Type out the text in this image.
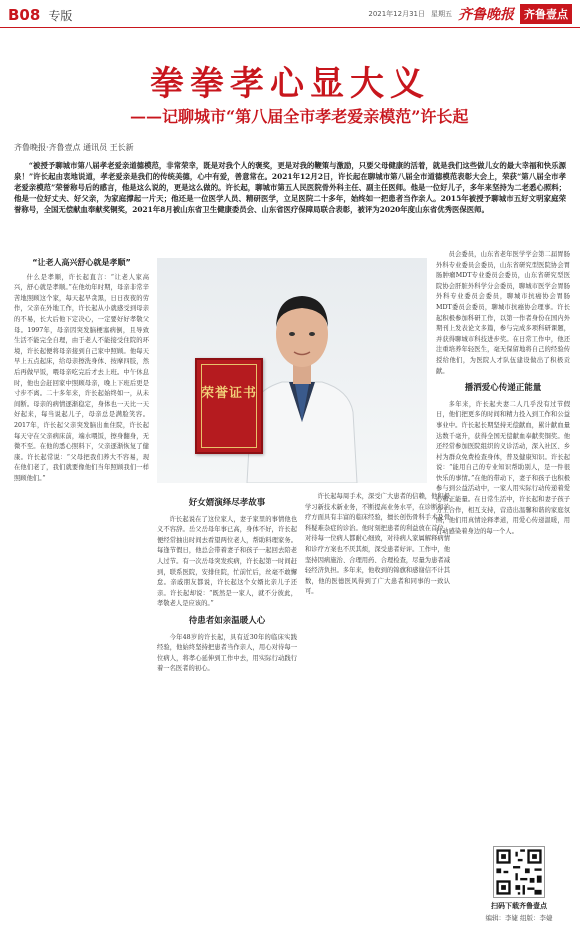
B08 专版	2021年12月31日 星期五 齐鲁晚报 齐鲁壹点
拳拳孝心显大义
——记聊城市“第八届全市孝老爱亲模范”许长起
齐鲁晚报·齐鲁壹点 通讯员 王长新
“被授予聊城市第八届孝老爱亲道德模范，非常荣幸，既是对我个人的褒奖，更是对我的鞭策与激励，只要父母健康的活着，就是我们这些做儿女的最大幸福和快乐源泉！”许长起由衷地说道，孝老爱亲是我们的传统美德，心中有爱，善意常在。2021年12月2日，许长起在聊城市第八届全市道德模范表彰大会上，荣获“第八届全市孝老爱亲模范”荣誉称号后的感言，他是这么说的，更是这么做的。许长起，聊城市第五人民医院骨外科主任、副主任医师。他是一位好儿子，多年来坚持为二老悉心照料；他是一位好丈夫、好父亲，为家庭撑起一片天；他还是一位医学人员、精研医学，立足医院二十多年，始终如一把患者当作亲人。2015年被授予聊城市五好文明家庭荣誉称号，全国无偿献血奉献奖铜奖，2021年8月被山东省卫生健康委员会、山东省医疗保障局联合表彰，被评为2020年度山东省优秀医保医师。
“让老人高兴舒心就是孝顺”

什么是孝顺，许长起直言：“让老人家高兴，舒心就是孝顺。”在他幼年时期，母亲非常辛苦地照顾这个家，每天起早贪黑，日日夜夜的劳作，父亲在外地工作，许长起从小就感受到母亲的不易，长大后他下定决心，一定要好好孝敬父母。1997年，母亲因突发脑梗塞病倒，且导致生活不能完全自理，由于老人不能接受住院的环境，许长起便将母亲接到自己家中照顾。他每天早上五点起床，给母亲擦洗身体、按摩四肢，然后再做早饭，喂母亲吃完后才去上班。中午休息时，他也会赶回家中照顾母亲，晚上下班后更是寸步不离。二十多年来，许长起始终如一，从未间断。母亲的病情逐渐稳定，身体也一天比一天好起来，每当说起儿子，母亲总是满脸笑容。2017年，许长起父亲突发脑出血住院，许长起每天守在父亲病床前，端水喂饭，擦身翻身，无微不至。在他的悉心照料下，父亲逐渐恢复了健康。许长起常说：“父母把我们养大不容易，现在他们老了，我们就要像他们当年照顾我们一样照顾他们。”

荣誉证书
好女婿演绎尽孝故事

许长起说在了这位家人，妻子家里的事情他也义不容辞。岳父岳母年事已高，身体不好，许长起便经常抽出时间去看望两位老人，帮助料理家务。每逢节假日，他总会带着妻子和孩子一起回去陪老人过节。有一次岳母突发疾病，许长起第一时间赶到，联系医院，安排住院，忙前忙后，丝毫不敢懈怠。亲戚朋友都说，许长起这个女婿比亲儿子还亲。许长起却说：“既然是一家人，就不分彼此，孝敬老人是应该的。”

待患者如亲温暖人心

今年48岁的许长起，具有近30年的临床实践经验，他始终坚持把患者当作亲人，用心对待每一位病人，将孝心延伸到工作中去，用实际行动践行着一名医者的初心。

许长起每周手术，深受广大患者的信赖，他积极学习新技术新业务，不断提高业务水平，在诊断和治疗方面具有丰富的临床经验，擅长创伤骨科手术及骨科疑难杂症的诊治。他时刻把患者的利益放在首位，对待每一位病人都耐心细致，对待病人家属解释病情和诊疗方案也不厌其烦，深受患者好评。工作中，他坚持因病施治、合理用药、合理检查，尽量为患者减轻经济负担。多年来，他收到的锦旗和感谢信不计其数，他的医德医风得到了广大患者和同事的一致认可。

员会委员，山东省老年医学学会第二届胃肠外科专业委员会委员，山东省研究型医院协会胃肠肿瘤MDT专业委员会委员，山东省研究型医院协会肝脏外科学分会委员，聊城市医学会胃肠外科专业委员会委员，聊城市抗癌协会胃肠MDT委员会委员，聊城市抗癌协会理事。许长起积极参加科研工作，以第一作者身份在国内外期刊上发表论文多篇，参与完成多项科研课题，并获得聊城市科技进步奖。在日常工作中，他还注重培养年轻医生，毫无保留地将自己的经验传授给他们，为医院人才队伍建设做出了积极贡献。

播洒爱心传递正能量

多年来，许长起夫妻二人几乎没有过节假日，他们把更多的时间和精力投入到工作和公益事业中。许长起长期坚持无偿献血，累计献血量达数千毫升，获得全国无偿献血奉献奖铜奖。他还经常参加医院组织的义诊活动，深入社区、乡村为群众免费检查身体，普及健康知识。许长起说：“能用自己的专业知识帮助别人，是一件很快乐的事情。”在他的带动下，妻子和孩子也积极参与到公益活动中，一家人用实际行动传递着爱心和正能量。在日常生活中，许长起和妻子孩子分工合作，相互支持，营造出温馨和谐的家庭氛围，他们用真情诠释孝道，用爱心传递温暖，用行动感染着身边的每一个人。

扫码下载齐鲁壹点
编辑：李婕 组版：李婕
